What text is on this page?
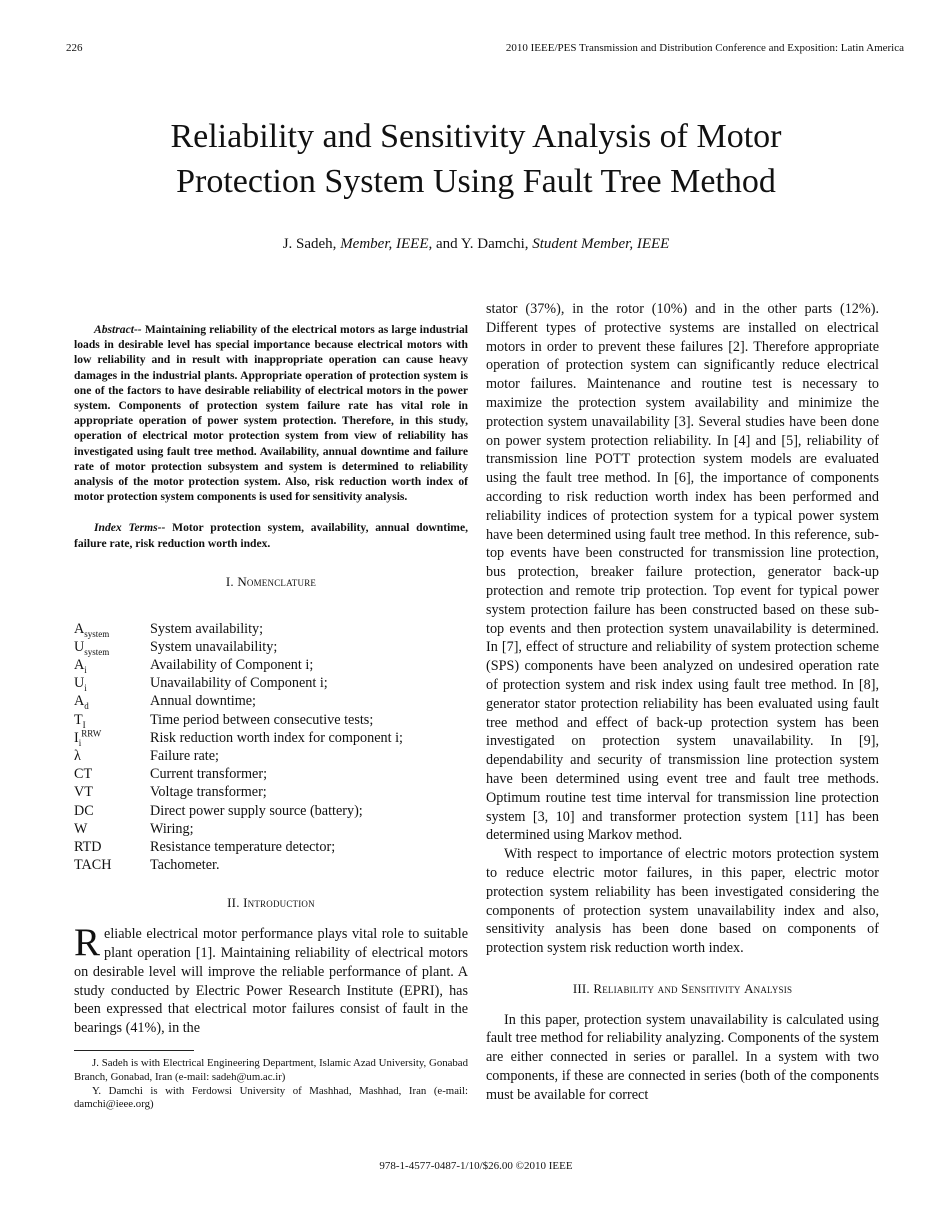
226	2010 IEEE/PES Transmission and Distribution Conference and Exposition: Latin America
Reliability and Sensitivity Analysis of Motor
Protection System Using Fault Tree Method
J. Sadeh, Member, IEEE, and Y. Damchi, Student Member, IEEE

Abstract-- Maintaining reliability of the electrical motors as large industrial loads in desirable level has special importance because electrical motors with low reliability and in result with inappropriate operation can cause heavy damages in the industrial plants. Appropriate operation of protection system is one of the factors to have desirable reliability of electrical motors in the power system. Components of protection system failure rate has vital role in appropriate operation of power system protection. Therefore, in this study, operation of electrical motor protection system from view of reliability has investigated using fault tree method. Availability, annual downtime and failure rate of motor protection subsystem and system is determined to reliability analysis of the motor protection system. Also, risk reduction worth index of motor protection system components is used for sensitivity analysis.

Index Terms-- Motor protection system, availability, annual downtime, failure rate, risk reduction worth index.

I. Nomenclature
$A_{system}$	System availability;
$U_{system}$	System unavailability;
$A_i$	Availability of Component i;
$U_i$	Unavailability of Component i;
$A_d$	Annual downtime;
$T_I$	Time period between consecutive tests;
$I_i^{RRW}$	Risk reduction worth index for component i;
λ	Failure rate;
CT	Current transformer;
VT	Voltage transformer;
DC	Direct power supply source (battery);
W	Wiring;
RTD	Resistance temperature detector;
TACH	Tachometer.
II. Introduction

Reliable electrical motor performance plays vital role to suitable plant operation [1]. Maintaining reliability of electrical motors on desirable level will improve the reliable performance of plant. A study conducted by Electric Power Research Institute (EPRI), has been expressed that electrical motor failures consist of fault in the bearings (41%), in the

J. Sadeh is with Electrical Engineering Department, Islamic Azad University, Gonabad Branch, Gonabad, Iran (e-mail: sadeh@um.ac.ir)

Y. Damchi is with Ferdowsi University of Mashhad, Mashhad, Iran (e-mail: damchi@ieee.org)

stator (37%), in the rotor (10%) and in the other parts (12%). Different types of protective systems are installed on electrical motors in order to prevent these failures [2]. Therefore appropriate operation of protection system can significantly reduce electrical motor failures. Maintenance and routine test is necessary to maximize the protection system availability and minimize the protection system unavailability [3]. Several studies have been done on power system protection reliability. In [4] and [5], reliability of transmission line POTT protection system models are evaluated using the fault tree method. In [6], the importance of components according to risk reduction worth index has been performed and reliability indices of protection system for a typical power system have been determined using fault tree method. In this reference, sub-top events have been constructed for transmission line protection, bus protection, breaker failure protection, generator back-up protection and remote trip protection. Top event for typical power system protection failure has been constructed based on these sub-top events and then protection system unavailability is determined. In [7], effect of structure and reliability of system protection scheme (SPS) components have been analyzed on undesired operation rate of protection system and risk index using fault tree method. In [8], generator stator protection reliability has been evaluated using fault tree method and effect of back-up protection system has been investigated on protection system unavailability. In [9], dependability and security of transmission line protection system have been determined using event tree and fault tree methods. Optimum routine test time interval for transmission line protection system [3, 10] and transformer protection system [11] has been determined using Markov method.

With respect to importance of electric motors protection system to reduce electric motor failures, in this paper, electric motor protection system reliability has been investigated considering the components of protection system unavailability index and also, sensitivity analysis has been done based on components of protection system risk reduction worth index.

III. Reliability and Sensitivity Analysis

In this paper, protection system unavailability is calculated using fault tree method for reliability analyzing. Components of the system are either connected in series or parallel. In a system with two components, if these are connected in series (both of the components must be available for correct

978-1-4577-0487-1/10/$26.00 ©2010 IEEE
